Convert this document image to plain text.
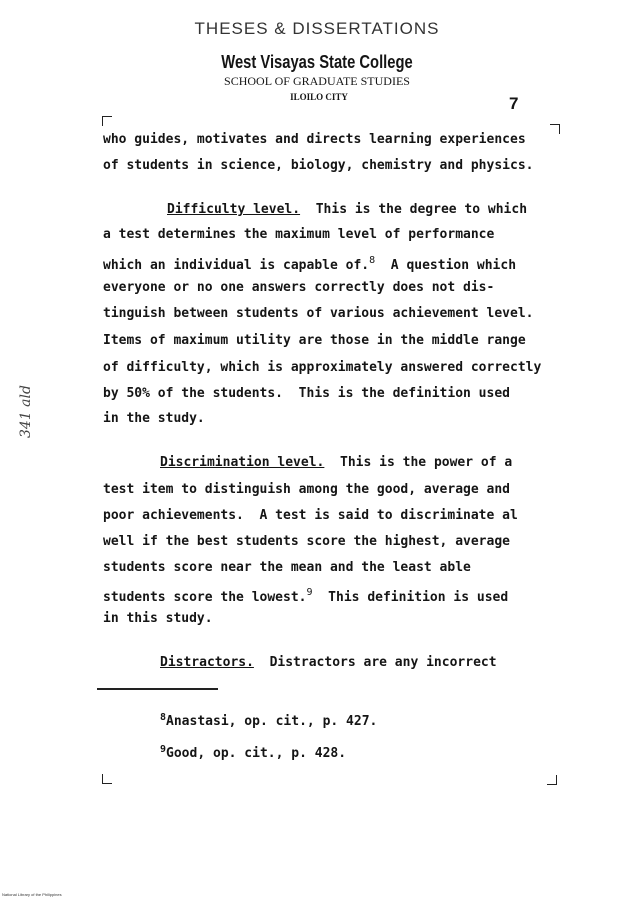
THESES & DISSERTATIONS
West Visayas State College
SCHOOL OF GRADUATE STUDIES
ILOILO CITY	7
341 ald
who guides, motivates and directs learning experiences
of students in science, biology, chemistry and physics.
Difficulty level.  This is the degree to which
a test determines the maximum level of performance
which an individual is capable of.$^8$  A question which
everyone or no one answers correctly does not dis-
tinguish between students of various achievement level.
Items of maximum utility are those in the middle range
of difficulty, which is approximately answered correctly
by 50% of the students.  This is the definition used
in the study.
Discrimination level.  This is the power of a
test item to distinguish among the good, average and
poor achievements.  A test is said to discriminate al
well if the best students score the highest, average
students score near the mean and the least able
students score the lowest.$^9$  This definition is used
in this study.
Distractors.  Distractors are any incorrect
$^8$Anastasi, op. cit., p. 427.
$^9$Good, op. cit., p. 428.
National Library of the Philippines
